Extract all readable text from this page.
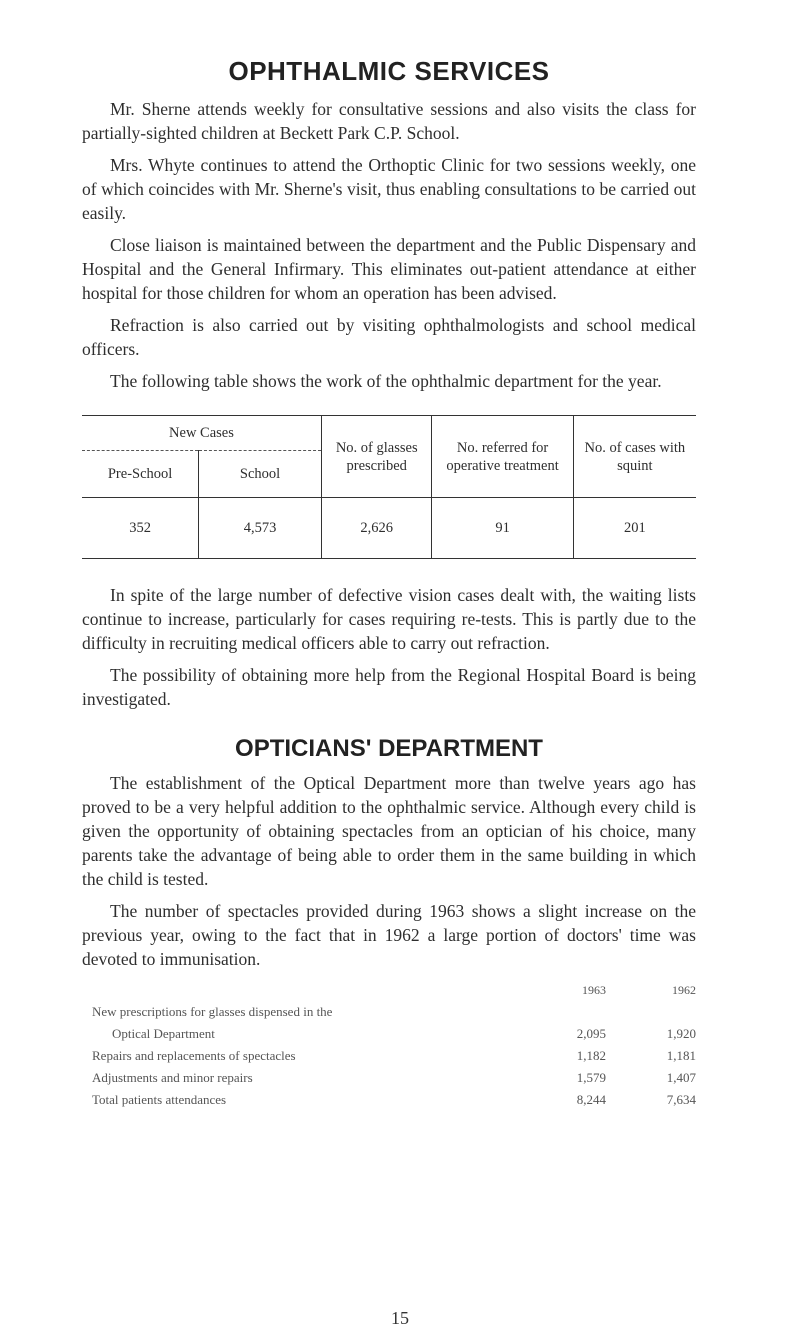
OPHTHALMIC SERVICES

Mr. Sherne attends weekly for consultative sessions and also visits the class for partially-sighted children at Beckett Park C.P. School.

Mrs. Whyte continues to attend the Orthoptic Clinic for two sessions weekly, one of which coincides with Mr. Sherne's visit, thus enabling consultations to be carried out easily.

Close liaison is maintained between the department and the Public Dispensary and Hospital and the General Infirmary. This eliminates out-patient attendance at either hospital for those children for whom an operation has been advised.

Refraction is also carried out by visiting ophthalmologists and school medical officers.

The following table shows the work of the ophthalmic department for the year.

New Cases		No. of glasses prescribed	No. referred for operative treatment	No. of cases with squint
Pre-School	School			
352	4,573	2,626	91	201

In spite of the large number of defective vision cases dealt with, the waiting lists continue to increase, particularly for cases requiring re-tests. This is partly due to the difficulty in recruiting medical officers able to carry out refraction.

The possibility of obtaining more help from the Regional Hospital Board is being investigated.

OPTICIANS' DEPARTMENT

The establishment of the Optical Department more than twelve years ago has proved to be a very helpful addition to the ophthalmic service. Although every child is given the opportunity of obtaining spectacles from an optician of his choice, many parents take the advantage of being able to order them in the same building in which the child is tested.

The number of spectacles provided during 1963 shows a slight increase on the previous year, owing to the fact that in 1962 a large portion of doctors' time was devoted to immunisation.

1963	1962
New prescriptions for glasses dispensed in the
Optical Department	2,095	1,920
Repairs and replacements of spectacles	1,182	1,181
Adjustments and minor repairs	1,579	1,407
Total patients attendances	8,244	7,634
15
